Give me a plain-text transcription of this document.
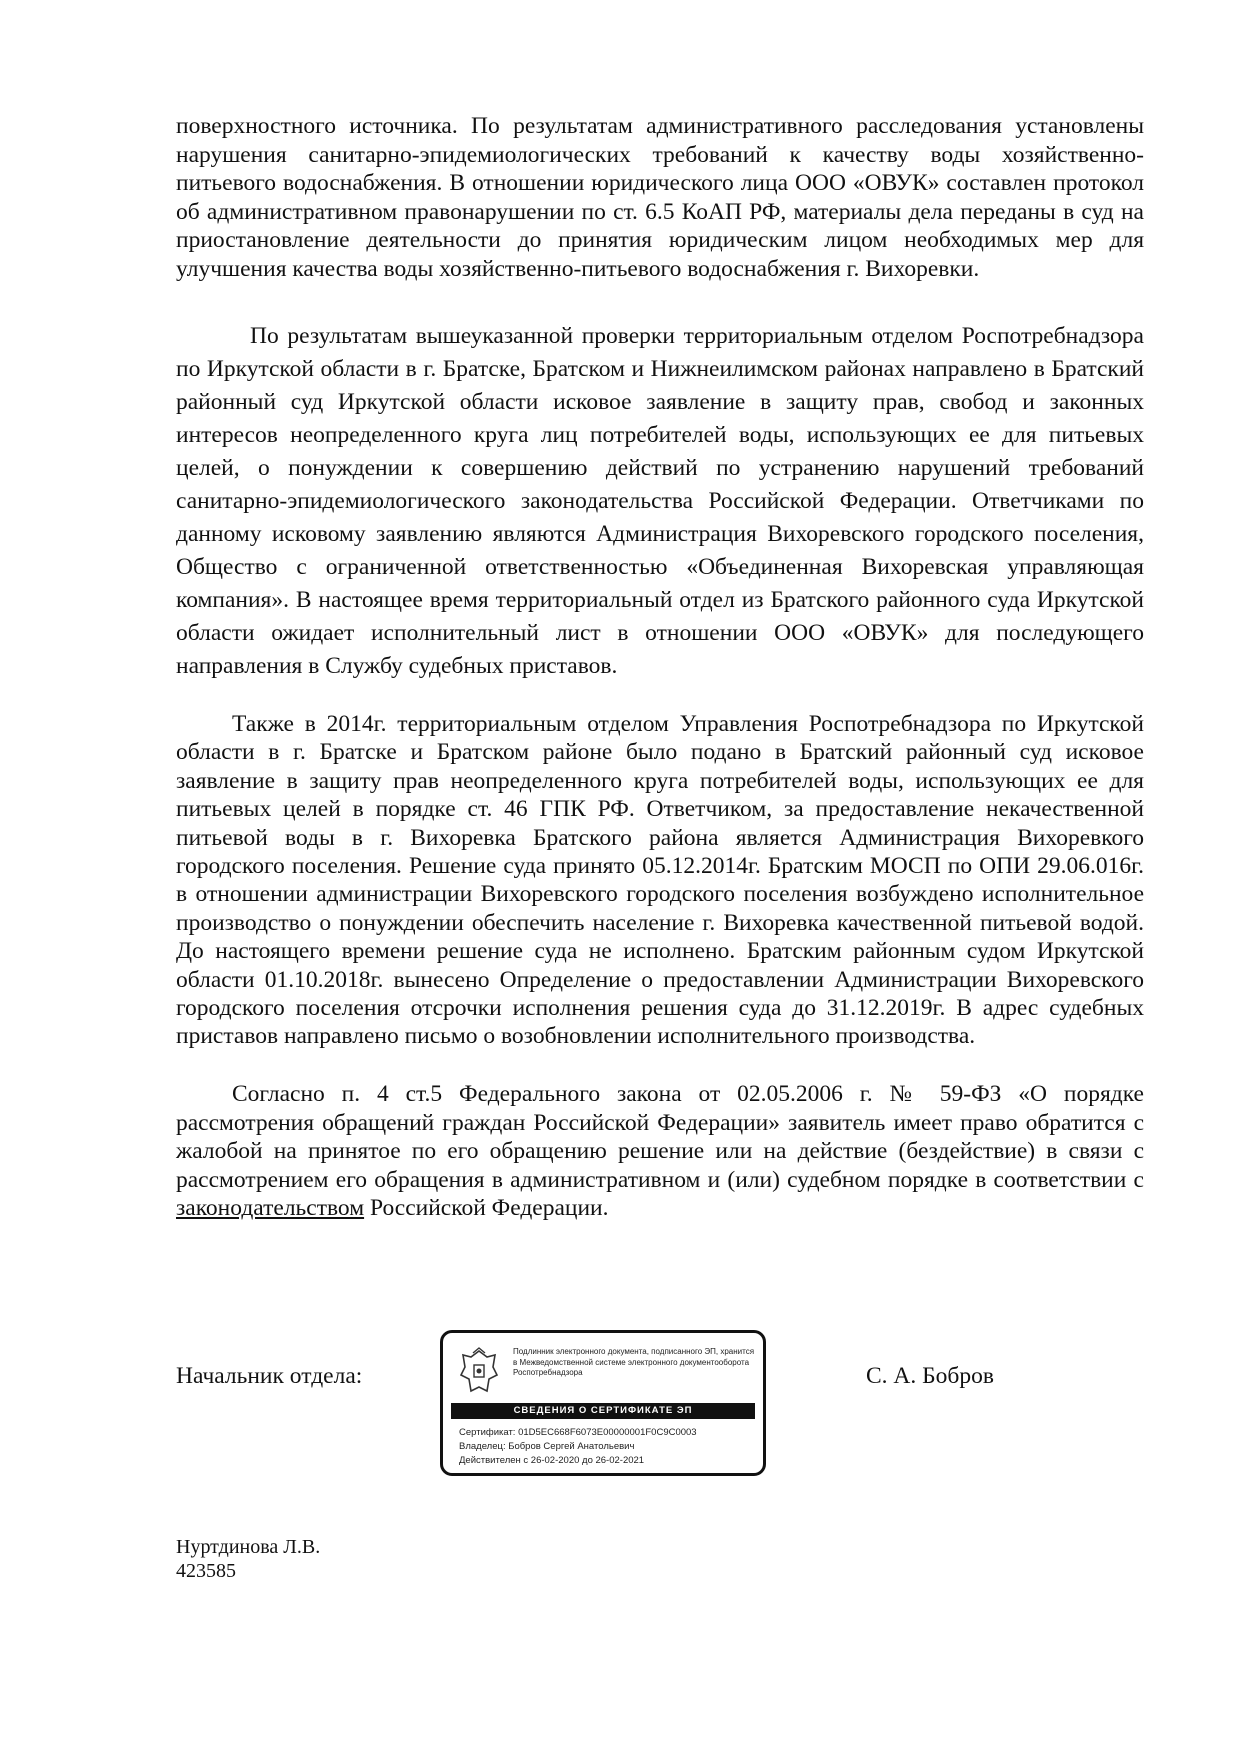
поверхностного источника. По результатам административного расследования установлены нарушения санитарно-эпидемиологических требований к качеству воды хозяйственно-питьевого водоснабжения. В отношении юридического лица ООО «ОВУК» составлен протокол об административном правонарушении по ст. 6.5 КоАП РФ, материалы дела переданы в суд на приостановление деятельности до принятия юридическим лицом необходимых мер для улучшения качества воды хозяйственно-питьевого водоснабжения г. Вихоревки.

По результатам вышеуказанной проверки территориальным отделом Роспотребнадзора по Иркутской области в г. Братске, Братском и Нижнеилимском районах направлено в Братский районный суд Иркутской области исковое заявление в защиту прав, свобод и законных интересов неопределенного круга лиц потребителей воды, использующих ее для питьевых целей, о понуждении к совершению действий по устранению нарушений требований санитарно-эпидемиологического законодательства Российской Федерации. Ответчиками по данному исковому заявлению являются Администрация Вихоревского городского поселения, Общество с ограниченной ответственностью «Объединенная Вихоревская управляющая компания». В настоящее время территориальный отдел из Братского районного суда Иркутской области ожидает исполнительный лист в отношении ООО «ОВУК» для последующего направления в Службу судебных приставов.

Также в 2014г. территориальным отделом Управления Роспотребнадзора по Иркутской области в г. Братске и Братском районе было подано в Братский районный суд исковое заявление в защиту прав неопределенного круга потребителей воды, использующих ее для питьевых целей в порядке ст. 46 ГПК РФ. Ответчиком, за предоставление некачественной питьевой воды в г. Вихоревка Братского района является Администрация Вихоревкого городского поселения. Решение суда принято 05.12.2014г. Братским МОСП по ОПИ 29.06.016г. в отношении администрации Вихоревского городского поселения возбуждено исполнительное производство о понуждении обеспечить население г. Вихоревка качественной питьевой водой. До настоящего времени решение суда не исполнено. Братским районным судом Иркутской области 01.10.2018г. вынесено Определение о предоставлении Администрации Вихоревского городского поселения отсрочки исполнения решения суда до 31.12.2019г. В адрес судебных приставов направлено письмо о возобновлении исполнительного производства.

Согласно п. 4 ст.5 Федерального закона от 02.05.2006 г. № 59-ФЗ «О порядке рассмотрения обращений граждан Российской Федерации» заявитель имеет право обратится с жалобой на принятое по его обращению решение или на действие (бездействие) в связи с рассмотрением его обращения в административном и (или) судебном порядке в соответствии с законодательством Российской Федерации.

Начальник отдела:
Подлинник электронного документа, подписанного ЭП, хранится в Межведомственной системе электронного документооборота Роспотребнадзора
СВЕДЕНИЯ О СЕРТИФИКАТЕ ЭП
Сертификат: 01D5EC668F6073E00000001F0C9C0003
Владелец: Бобров Сергей Анатольевич
Действителен с 26-02-2020 до 26-02-2021
С. А. Бобров
Нуртдинова Л.В.
423585
